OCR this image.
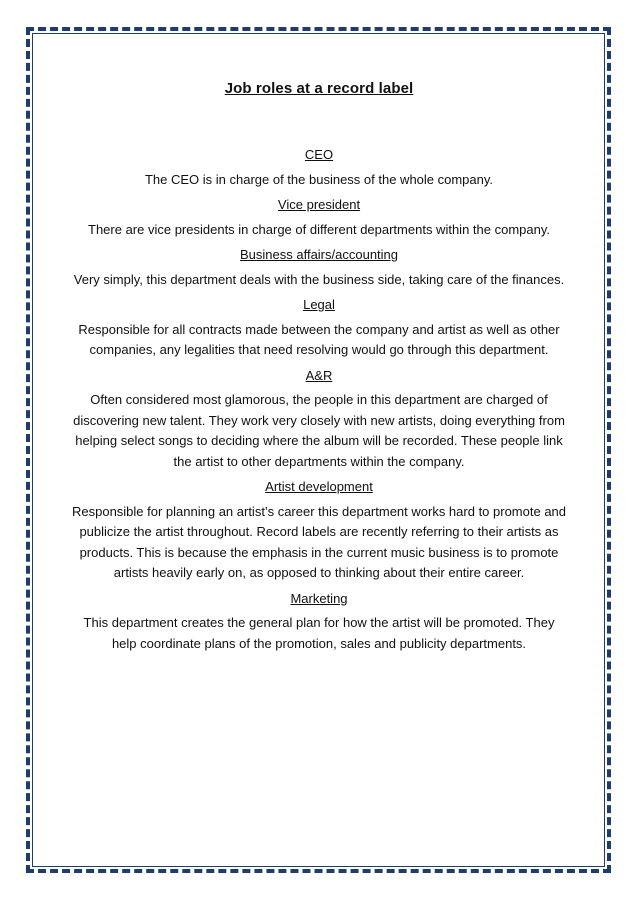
Job roles at a record label

CEO

The CEO is in charge of the business of the whole company.

Vice president

There are vice presidents in charge of different departments within the company.

Business affairs/accounting

Very simply, this department deals with the business side, taking care of the finances.

Legal

Responsible for all contracts made between the company and artist as well as other companies, any legalities that need resolving would go through this department.

A&R

Often considered most glamorous, the people in this department are charged of discovering new talent. They work very closely with new artists, doing everything from helping select songs to deciding where the album will be recorded. These people link the artist to other departments within the company.

Artist development

Responsible for planning an artist’s career this department works hard to promote and publicize the artist throughout. Record labels are recently referring to their artists as products. This is because the emphasis in the current music business is to promote artists heavily early on, as opposed to thinking about their entire career.

Marketing

This department creates the general plan for how the artist will be promoted. They help coordinate plans of the promotion, sales and publicity departments.
